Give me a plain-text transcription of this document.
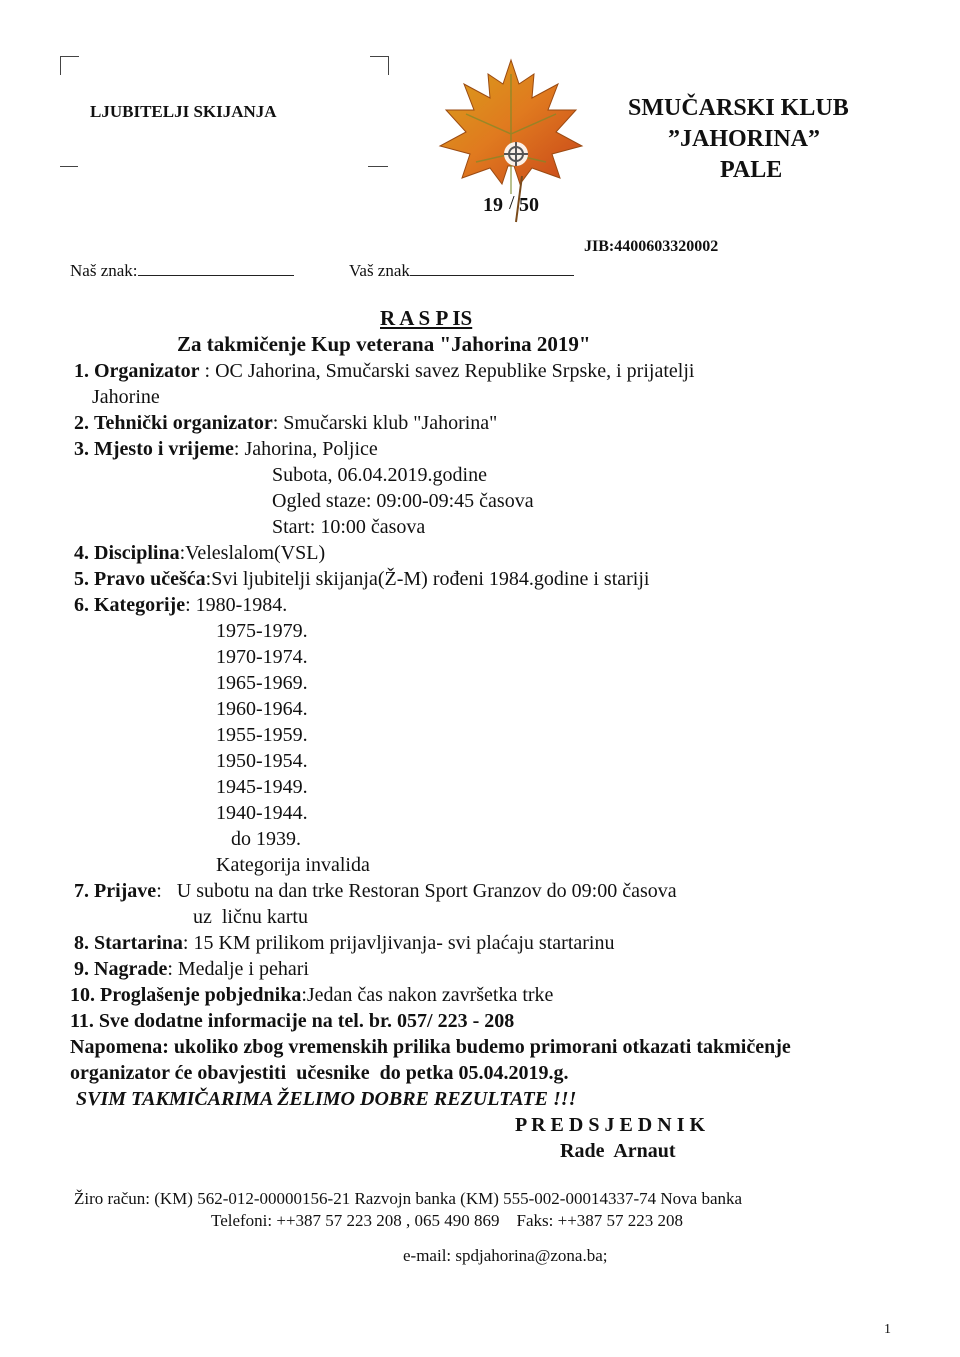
LJUBITELJI SKIJANJA
19 / 50
SMUČARSKI KLUB
”JAHORINA”
PALE
JIB:4400603320002
Naš znak:	Vaš znak
R A S P IS
Za takmičenje Kup veterana "Jahorina 2019"
1. Organizator : OC Jahorina, Smučarski savez Republike Srpske, i prijatelji
Jahorine
2. Tehnički organizator: Smučarski klub "Jahorina"
3. Mjesto i vrijeme: Jahorina, Poljice
Subota, 06.04.2019.godine
Ogled staze: 09:00-09:45 časova
Start: 10:00 časova
4. Disciplina:Veleslalom(VSL)
5. Pravo učešća:Svi ljubitelji skijanja(Ž-M) rođeni 1984.godine i stariji
6. Kategorije: 1980-1984.
1975-1979.
1970-1974.
1965-1969.
1960-1964.
1955-1959.
1950-1954.
1945-1949.
1940-1944.
do 1939.
Kategorija invalida
7. Prijave:   U subotu na dan trke Restoran Sport Granzov do 09:00 časova
uz  ličnu kartu
8. Startarina: 15 KM prilikom prijavljivanja- svi plaćaju startarinu
9. Nagrade: Medalje i pehari
10. Proglašenje pobjednika:Jedan čas nakon završetka trke
11. Sve dodatne informacije na tel. br. 057/ 223 - 208
Napomena: ukoliko zbog vremenskih prilika budemo primorani otkazati takmičenje
organizator će obavjestiti  učesnike  do petka 05.04.2019.g.
SVIM TAKMIČARIMA ŽELIMO DOBRE REZULTATE !!!
P R E D S J E D N I K
Rade  Arnaut
Žiro račun: (KM) 562-012-00000156-21 Razvojn banka (KM) 555-002-00014337-74 Nova banka
Telefoni: ++387 57 223 208 , 065 490 869    Faks: ++387 57 223 208
e-mail: spdjahorina@zona.ba;
1
